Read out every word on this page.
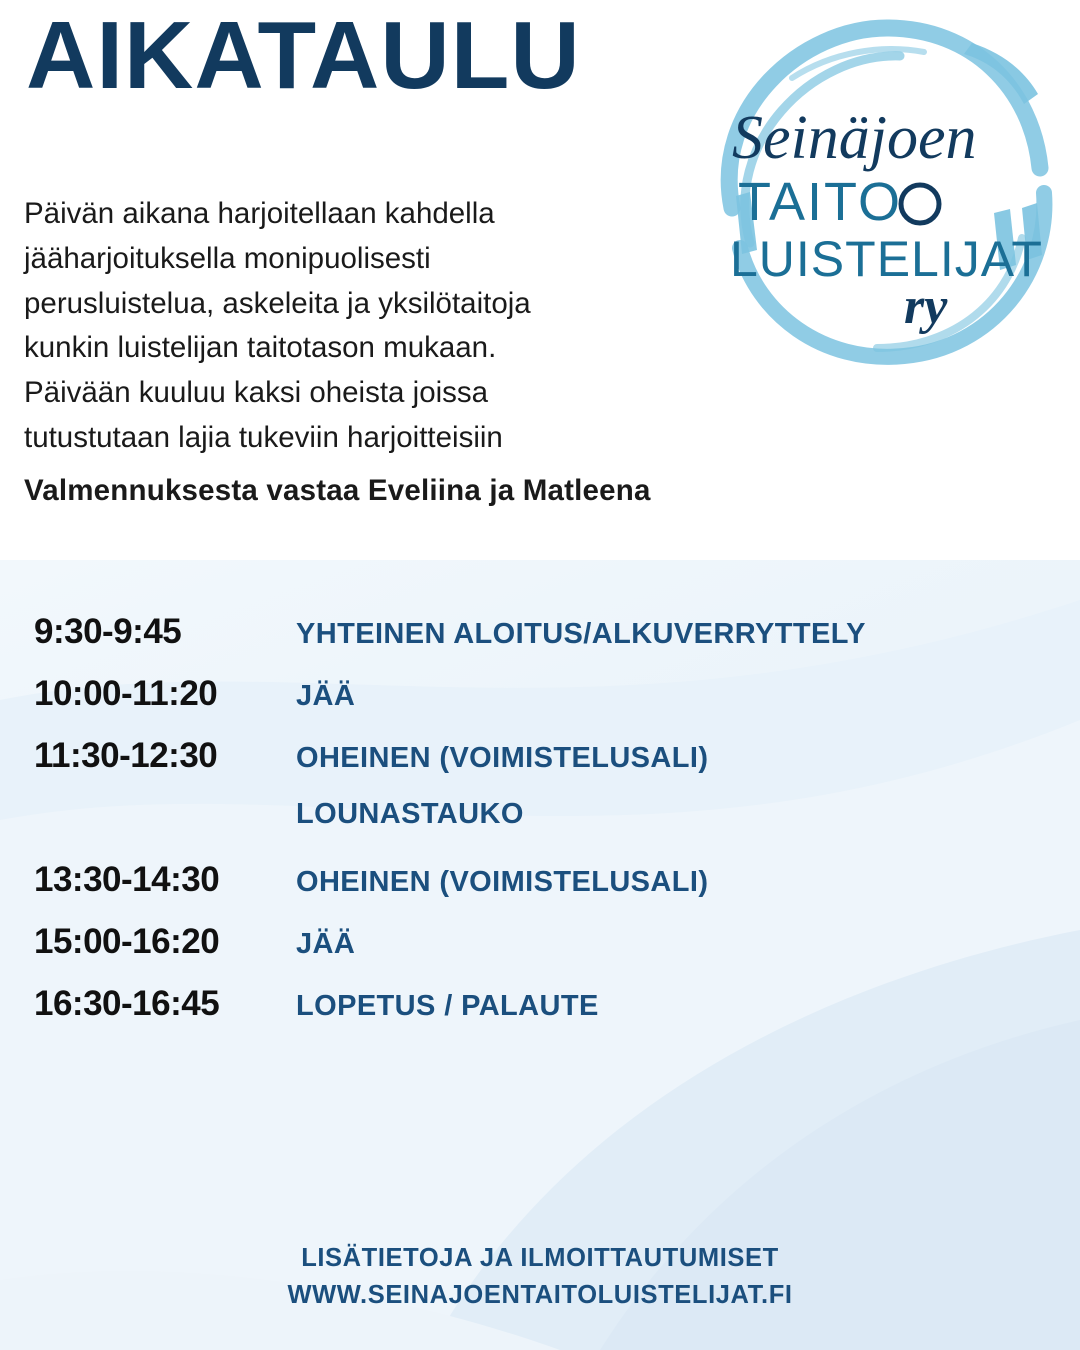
AIKATAULU

Päivän aikana harjoitellaan kahdella

jääharjoituksella monipuolisesti

perusluistelua, askeleita ja yksilötaitoja

kunkin luistelijan taitotason mukaan.

Päivään kuuluu kaksi oheista joissa

tutustutaan lajia tukeviin harjoitteisiin

Valmennuksesta vastaa Eveliina ja Matleena

Seinäjoen
TAITO
LUISTELIJAT
ry
9:30-9:45	YHTEINEN ALOITUS/ALKUVERRYTTELY
10:00-11:20	JÄÄ
11:30-12:30	OHEINEN (VOIMISTELUSALI)
LOUNASTAUKO
13:30-14:30	OHEINEN (VOIMISTELUSALI)
15:00-16:20	JÄÄ
16:30-16:45	LOPETUS / PALAUTE
LISÄTIETOJA JA ILMOITTAUTUMISET
WWW.SEINAJOENTAITOLUISTELIJAT.FI
